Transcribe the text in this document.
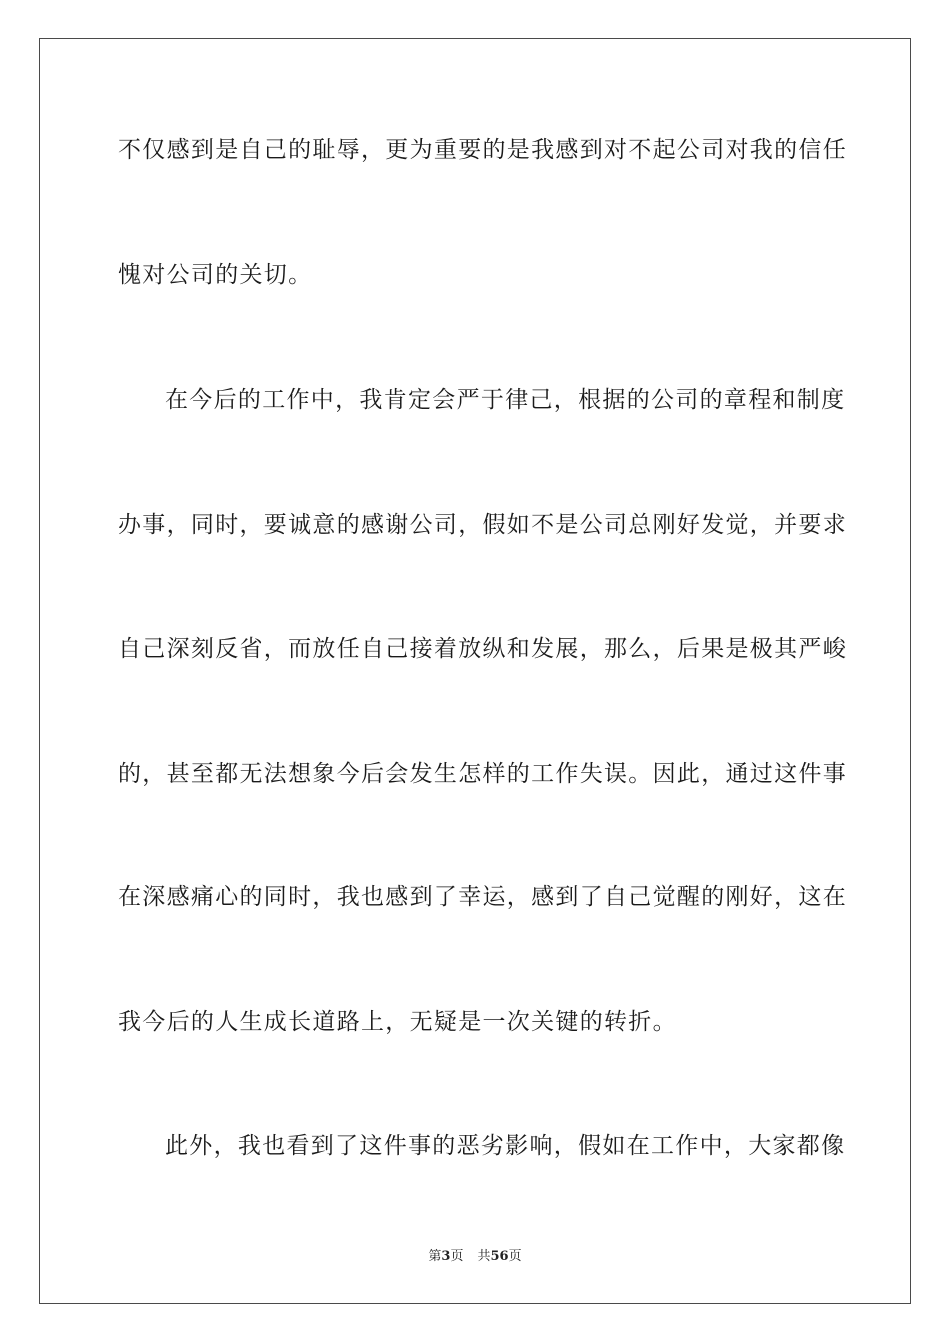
不仅感到是自己的耻辱，更为重要的是我感到对不起公司对我的信任
愧对公司的关切。
在今后的工作中，我肯定会严于律己，根据的公司的章程和制度
办事，同时，要诚意的感谢公司，假如不是公司总刚好发觉，并要求
自己深刻反省，而放任自己接着放纵和发展，那么，后果是极其严峻
的，甚至都无法想象今后会发生怎样的工作失误。因此，通过这件事
在深感痛心的同时，我也感到了幸运，感到了自己觉醒的刚好，这在
我今后的人生成长道路上，无疑是一次关键的转折。
此外，我也看到了这件事的恶劣影响，假如在工作中，大家都像
第3页 共56页
